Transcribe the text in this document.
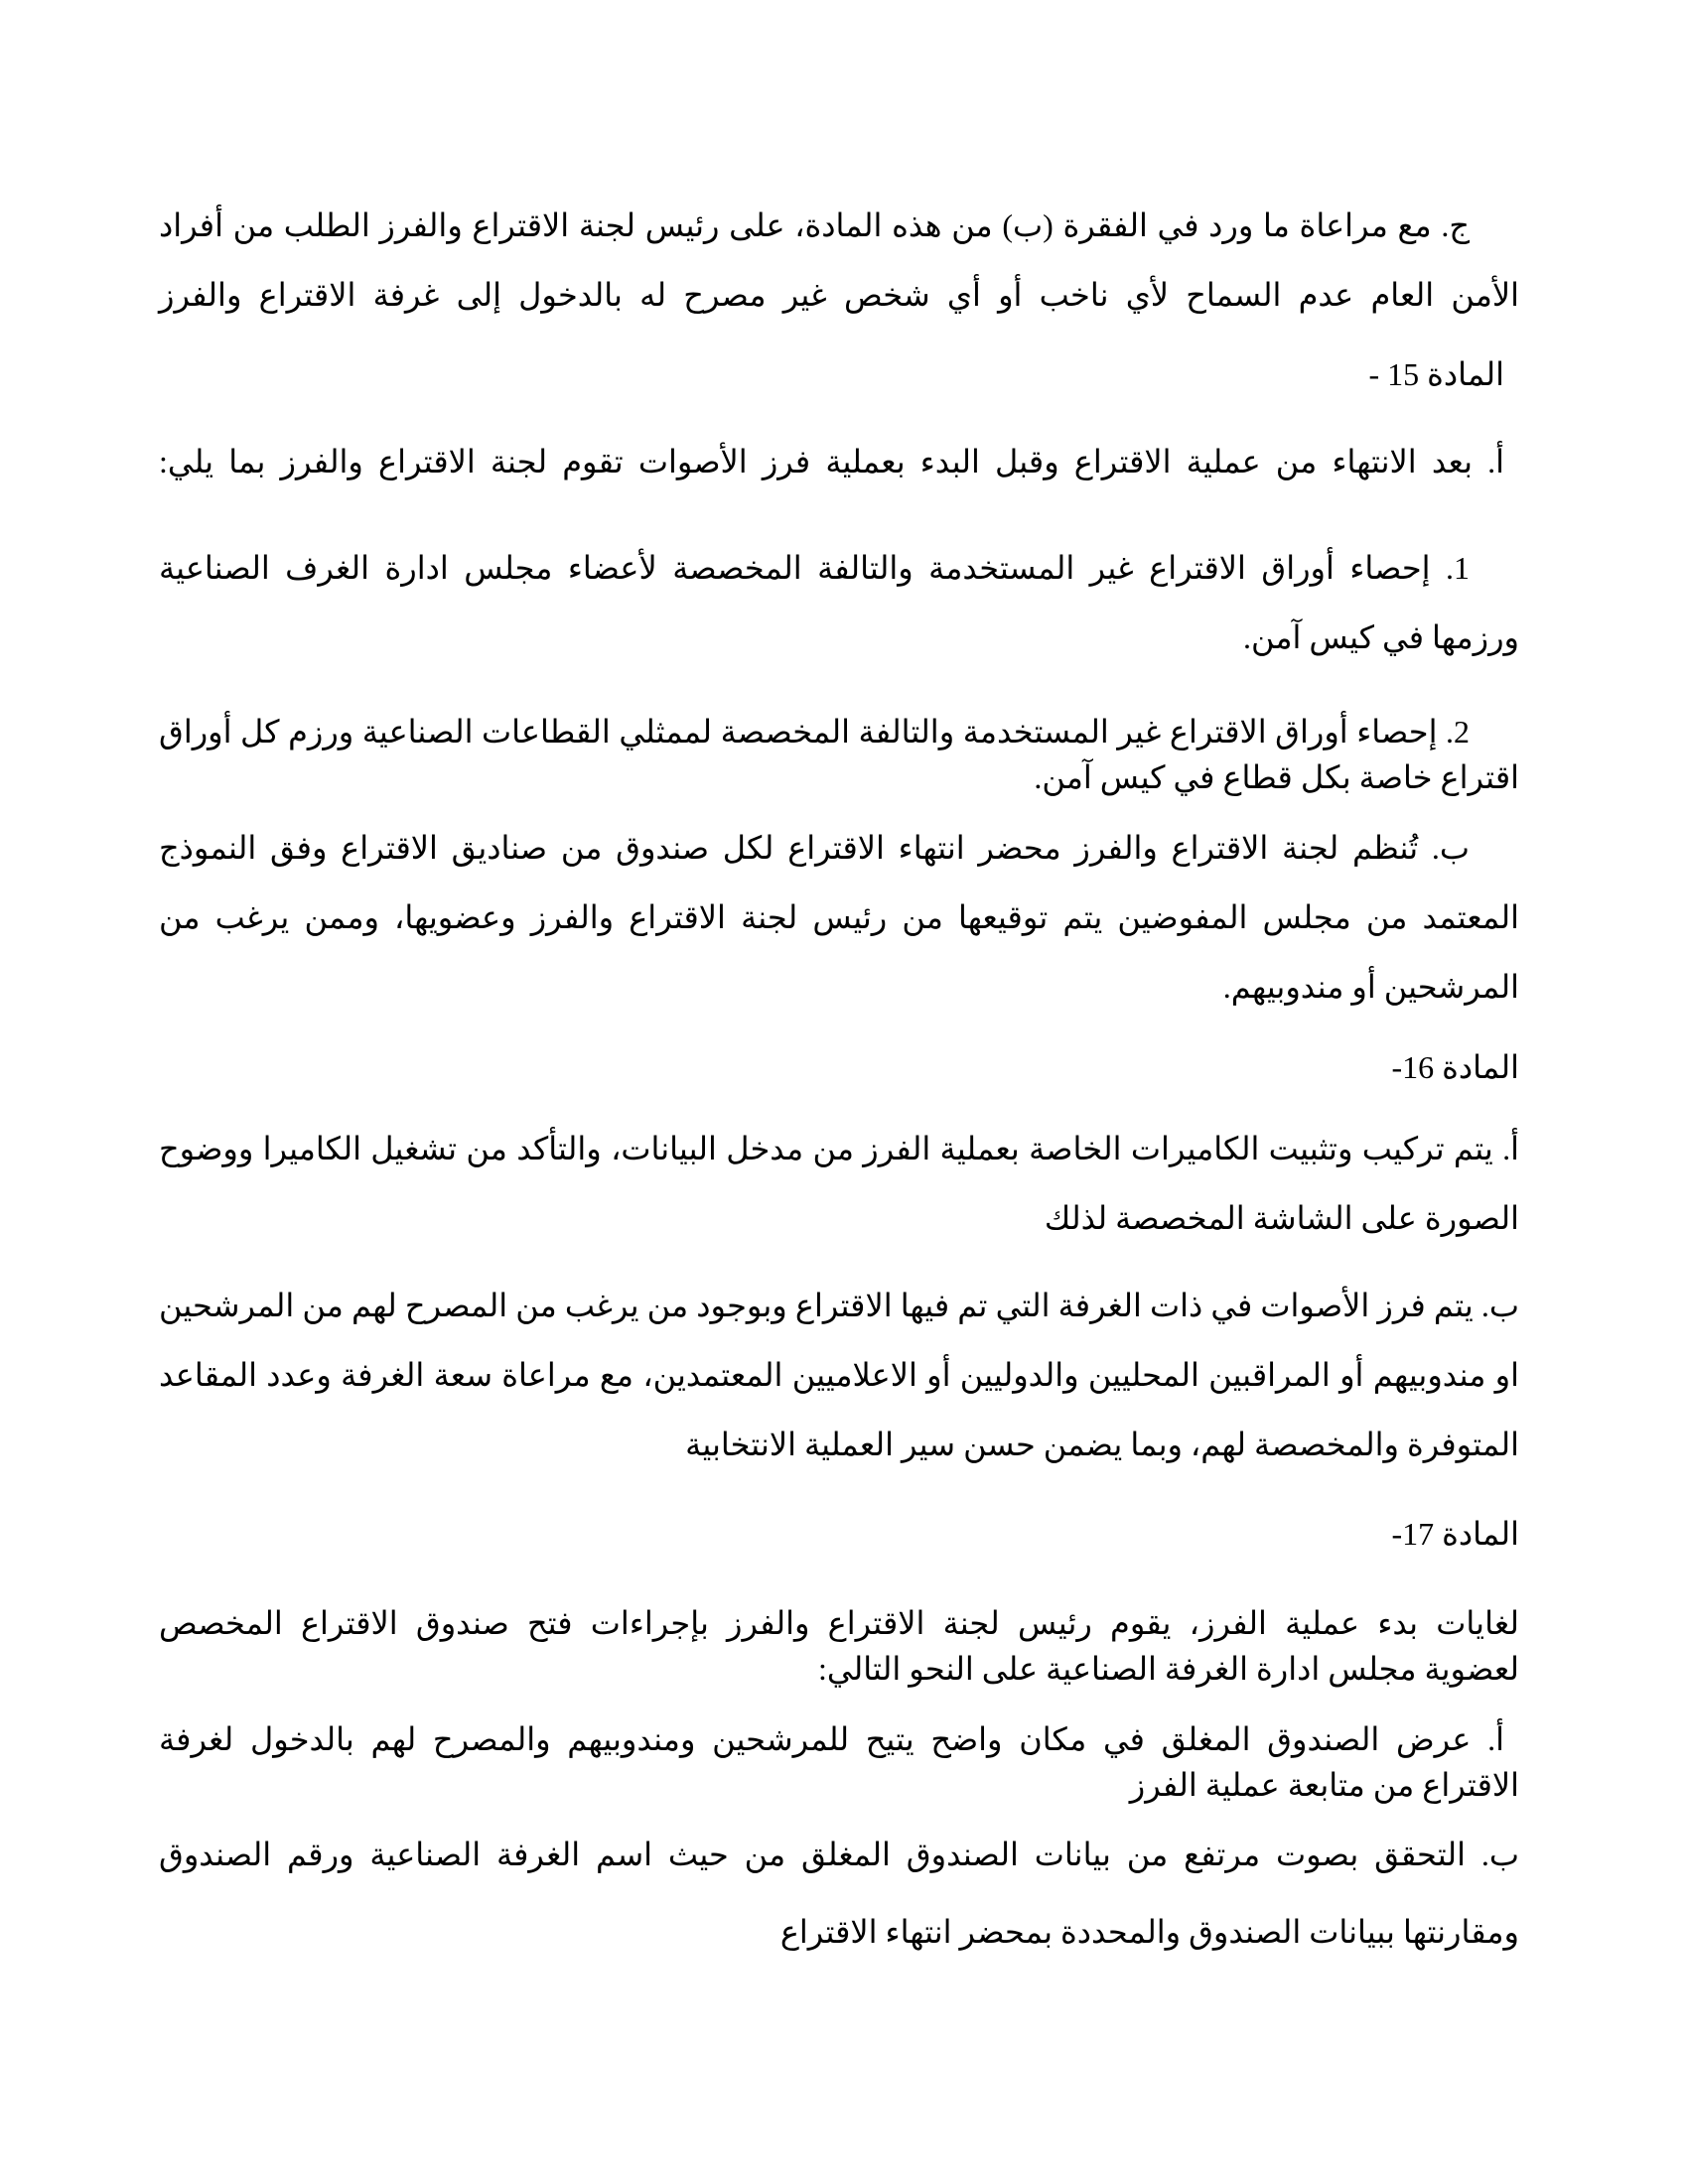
ج. مع مراعاة ما ورد في الفقرة (ب) من هذه المادة، على رئيس لجنة الاقتراع والفرز الطلب من أفراد
الأمن العام عدم السماح لأي ناخب أو أي شخص غير مصرح له بالدخول إلى غرفة الاقتراع والفرز
المادة 15 -
أ. بعد الانتهاء من عملية الاقتراع وقبل البدء بعملية فرز الأصوات تقوم لجنة الاقتراع والفرز بما يلي:
1. إحصاء أوراق الاقتراع غير المستخدمة والتالفة المخصصة لأعضاء مجلس ادارة الغرف الصناعية
ورزمها في كيس آمن.
2. إحصاء أوراق الاقتراع غير المستخدمة والتالفة المخصصة لممثلي القطاعات الصناعية ورزم كل أوراق
اقتراع خاصة بكل قطاع في كيس آمن.
ب. تُنظم لجنة الاقتراع والفرز محضر انتهاء الاقتراع لكل صندوق من صناديق الاقتراع وفق النموذج
المعتمد من مجلس المفوضين يتم توقيعها من رئيس لجنة الاقتراع والفرز وعضويها، وممن يرغب من
المرشحين أو مندوبيهم.
المادة 16-
أ. يتم تركيب وتثبيت الكاميرات الخاصة بعملية الفرز من مدخل البيانات، والتأكد من تشغيل الكاميرا ووضوح
الصورة على الشاشة المخصصة لذلك
ب. يتم فرز الأصوات في ذات الغرفة التي تم فيها الاقتراع وبوجود من يرغب من المصرح لهم من المرشحين
او مندوبيهم أو المراقبين المحليين والدوليين أو الاعلاميين المعتمدين، مع مراعاة سعة الغرفة وعدد المقاعد
المتوفرة والمخصصة لهم، وبما يضمن حسن سير العملية الانتخابية
المادة 17-
لغايات بدء عملية الفرز، يقوم رئيس لجنة الاقتراع والفرز بإجراءات فتح صندوق الاقتراع المخصص
لعضوية مجلس ادارة الغرفة الصناعية على النحو التالي:
أ. عرض الصندوق المغلق في مكان واضح يتيح للمرشحين ومندوبيهم والمصرح لهم بالدخول لغرفة
الاقتراع من متابعة عملية الفرز
ب. التحقق بصوت مرتفع من بيانات الصندوق المغلق من حيث اسم الغرفة الصناعية ورقم الصندوق
ومقارنتها ببيانات الصندوق والمحددة بمحضر انتهاء الاقتراع
